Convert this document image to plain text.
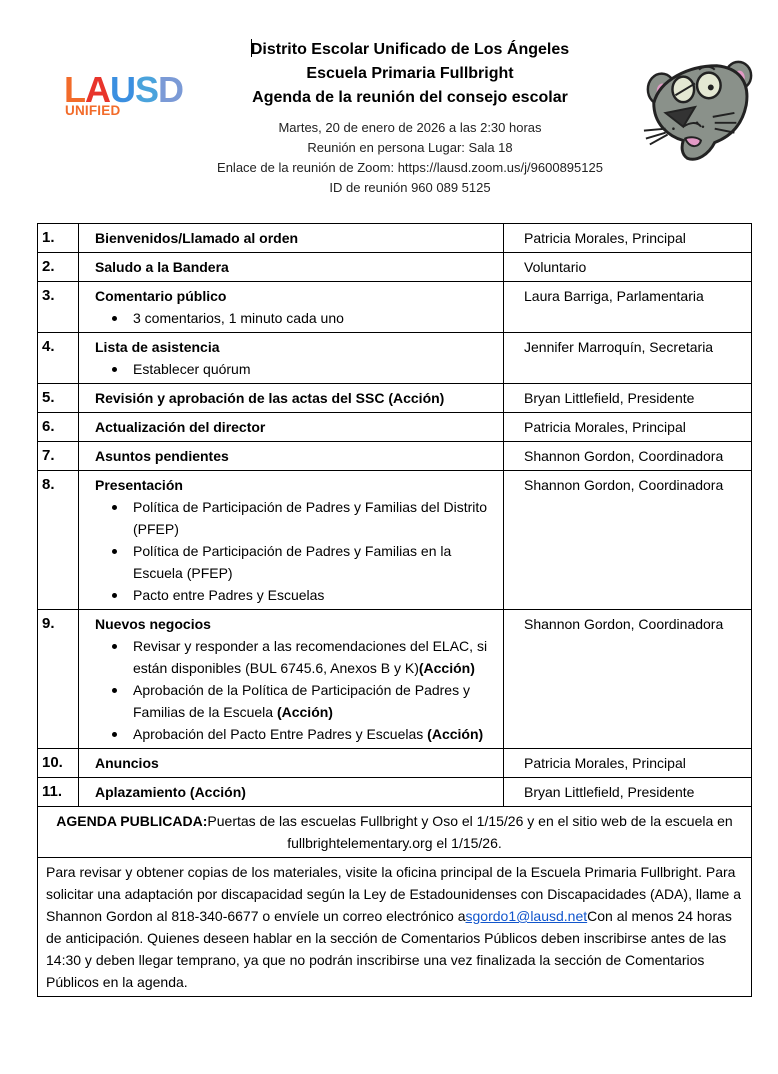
LAUSD
UNIFIED
Distrito Escolar Unificado de Los Ángeles
Escuela Primaria Fullbright
Agenda de la reunión del consejo escolar
Martes, 20 de enero de 2026 a las 2:30 horas
Reunión en persona Lugar: Sala 18
Enlace de la reunión de Zoom: https://lausd.zoom.us/j/9600895125
ID de reunión 960 089 5125
1.	Bienvenidos/Llamado al orden	Patricia Morales, Principal
2.	Saludo a la Bandera	Voluntario
3.	Comentario público
3 comentarios, 1 minuto cada uno
	Laura Barriga, Parlamentaria
4.	Lista de asistencia
Establecer quórum
	Jennifer Marroquín, Secretaria
5.	Revisión y aprobación de las actas del SSC (Acción)	Bryan Littlefield, Presidente
6.	Actualización del director	Patricia Morales, Principal
7.	Asuntos pendientes	Shannon Gordon, Coordinadora
8.	Presentación
Política de Participación de Padres y Familias del Distrito (PFEP)
Política de Participación de Padres y Familias en la Escuela (PFEP)
Pacto entre Padres y Escuelas
	Shannon Gordon, Coordinadora
9.	Nuevos negocios
Revisar y responder a las recomendaciones del ELAC, si están disponibles (BUL 6745.6, Anexos B y K)(Acción)
Aprobación de la Política de Participación de Padres y Familias de la Escuela (Acción)
Aprobación del Pacto Entre Padres y Escuelas (Acción)
	Shannon Gordon, Coordinadora
10.	Anuncios	Patricia Morales, Principal
11.	Aplazamiento (Acción)	Bryan Littlefield, Presidente
AGENDA PUBLICADA:Puertas de las escuelas Fullbright y Oso el 1/15/26 y en el sitio web de la escuela en fullbrightelementary.org el 1/15/26.		
Para revisar y obtener copias de los materiales, visite la oficina principal de la Escuela Primaria Fullbright. Para solicitar una adaptación por discapacidad según la Ley de Estadounidenses con Discapacidades (ADA), llame a Shannon Gordon al 818-340-6677 o envíele un correo electrónico asgordo1@lausd.netCon al menos 24 horas de anticipación. Quienes deseen hablar en la sección de Comentarios Públicos deben inscribirse antes de las 14:30 y deben llegar temprano, ya que no podrán inscribirse una vez finalizada la sección de Comentarios Públicos en la agenda.		
